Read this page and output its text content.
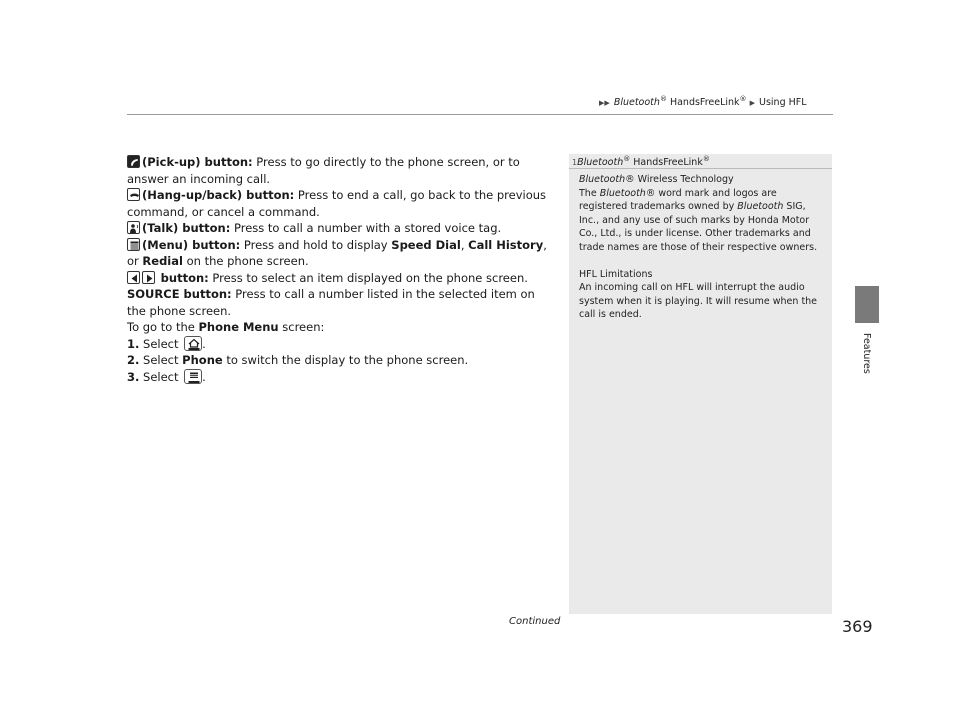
▶▶ Bluetooth® HandsFreeLink® ▶ Using HFL
Features

(Pick-up) button: Press to go directly to the phone screen, or to answer an incoming call.

(Hang-up/back) button: Press to end a call, go back to the previous command, or cancel a command.

(Talk) button: Press to call a number with a stored voice tag.

(Menu) button: Press and hold to display Speed Dial, Call History, or Redial on the phone screen.

button: Press to select an item displayed on the phone screen.

SOURCE button: Press to call a number listed in the selected item on the phone screen.

To go to the Phone Menu screen:

1. Select
.

2. Select Phone to switch the display to the phone screen.

3. Select
.

1Bluetooth® HandsFreeLink®

Bluetooth® Wireless Technology

The Bluetooth® word mark and logos are registered trademarks owned by Bluetooth SIG, Inc., and any use of such marks by Honda Motor Co., Ltd., is under license. Other trademarks and trade names are those of their respective owners.

HFL Limitations

An incoming call on HFL will interrupt the audio system when it is playing. It will resume when the call is ended.

Continued	369
